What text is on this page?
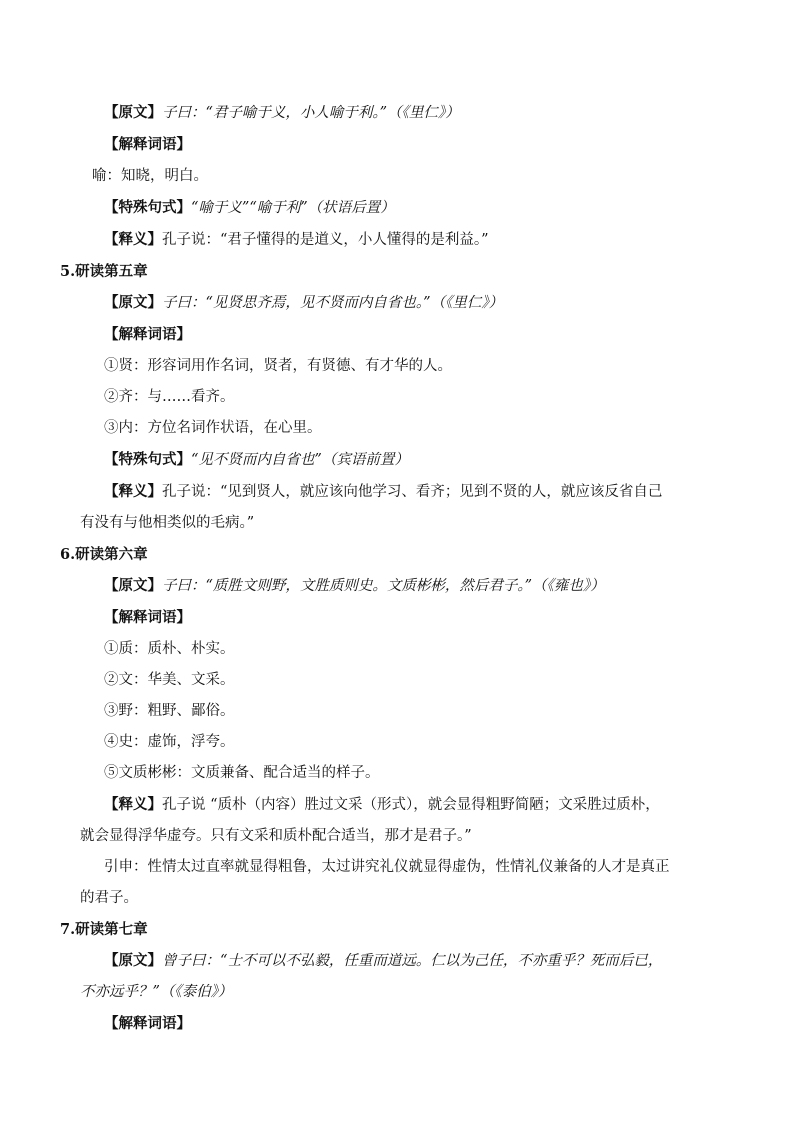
【原文】子曰：“君子喻于义，小人喻于利。”（《里仁》）

【解释词语】

喻：知晓，明白。

【特殊句式】“喻于义”“喻于利”（状语后置）

【释义】孔子说：“君子懂得的是道义，小人懂得的是利益。”

5.研读第五章

【原文】子曰：“见贤思齐焉，见不贤而内自省也。”（《里仁》）

【解释词语】

①贤：形容词用作名词，贤者，有贤德、有才华的人。

②齐：与……看齐。

③内：方位名词作状语，在心里。

【特殊句式】“见不贤而内自省也”（宾语前置）

【释义】孔子说：“见到贤人，就应该向他学习、看齐；见到不贤的人，就应该反省自己

有没有与他相类似的毛病。”

6.研读第六章

【原文】子曰：“质胜文则野，文胜质则史。文质彬彬，然后君子。”（《雍也》）

【解释词语】

①质：质朴、朴实。

②文：华美、文采。

③野：粗野、鄙俗。

④史：虚饰，浮夸。

⑤文质彬彬：文质兼备、配合适当的样子。

【释义】孔子说 “质朴（内容）胜过文采（形式），就会显得粗野简陋；文采胜过质朴，

就会显得浮华虚夸。只有文采和质朴配合适当，那才是君子。”

引申：性情太过直率就显得粗鲁，太过讲究礼仪就显得虚伪，性情礼仪兼备的人才是真正

的君子。

7.研读第七章

【原文】曾子曰：“士不可以不弘毅，任重而道远。仁以为己任，不亦重乎？死而后已，

不亦远乎？”（《泰伯》）

【解释词语】
